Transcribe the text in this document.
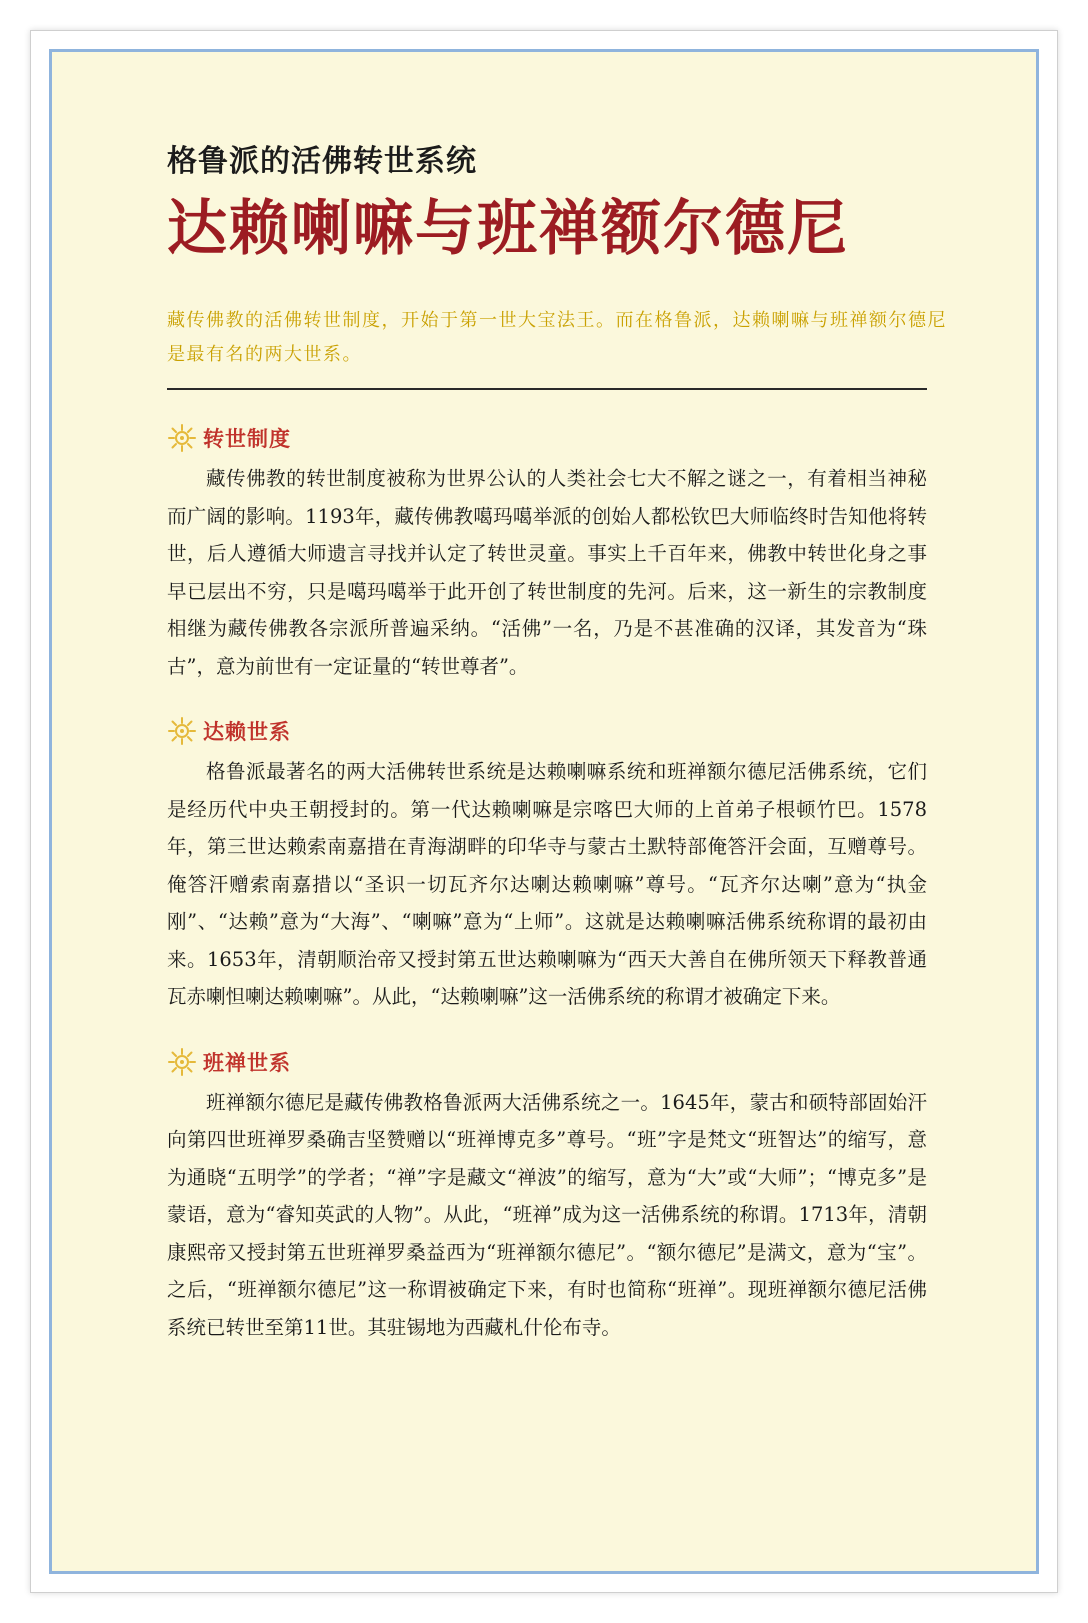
格鲁派的活佛转世系统
达赖喇嘛与班禅额尔德尼
藏传佛教的活佛转世制度，开始于第一世大宝法王。而在格鲁派，达赖喇嘛与班禅额尔德尼是最有名的两大世系。
转世制度

藏传佛教的转世制度被称为世界公认的人类社会七大不解之谜之一，有着相当神秘而广阔的影响。1193年，藏传佛教噶玛噶举派的创始人都松钦巴大师临终时告知他将转世，后人遵循大师遗言寻找并认定了转世灵童。事实上千百年来，佛教中转世化身之事早已层出不穷，只是噶玛噶举于此开创了转世制度的先河。后来，这一新生的宗教制度相继为藏传佛教各宗派所普遍采纳。“活佛”一名，乃是不甚准确的汉译，其发音为“珠古”，意为前世有一定证量的“转世尊者”。

达赖世系

格鲁派最著名的两大活佛转世系统是达赖喇嘛系统和班禅额尔德尼活佛系统，它们是经历代中央王朝授封的。第一代达赖喇嘛是宗喀巴大师的上首弟子根顿竹巴。1578年，第三世达赖索南嘉措在青海湖畔的印华寺与蒙古土默特部俺答汗会面，互赠尊号。俺答汗赠索南嘉措以“圣识一切瓦齐尔达喇达赖喇嘛”尊号。“瓦齐尔达喇”意为“执金刚”、“达赖”意为“大海”、“喇嘛”意为“上师”。这就是达赖喇嘛活佛系统称谓的最初由来。1653年，清朝顺治帝又授封第五世达赖喇嘛为“西天大善自在佛所领天下释教普通瓦赤喇怛喇达赖喇嘛”。从此，“达赖喇嘛”这一活佛系统的称谓才被确定下来。

班禅世系

班禅额尔德尼是藏传佛教格鲁派两大活佛系统之一。1645年，蒙古和硕特部固始汗向第四世班禅罗桑确吉坚赞赠以“班禅博克多”尊号。“班”字是梵文“班智达”的缩写，意为通晓“五明学”的学者；“禅”字是藏文“禅波”的缩写，意为“大”或“大师”；“博克多”是蒙语，意为“睿知英武的人物”。从此，“班禅”成为这一活佛系统的称谓。1713年，清朝康熙帝又授封第五世班禅罗桑益西为“班禅额尔德尼”。“额尔德尼”是满文，意为“宝”。之后，“班禅额尔德尼”这一称谓被确定下来，有时也简称“班禅”。现班禅额尔德尼活佛系统已转世至第11世。其驻锡地为西藏札什伦布寺。
